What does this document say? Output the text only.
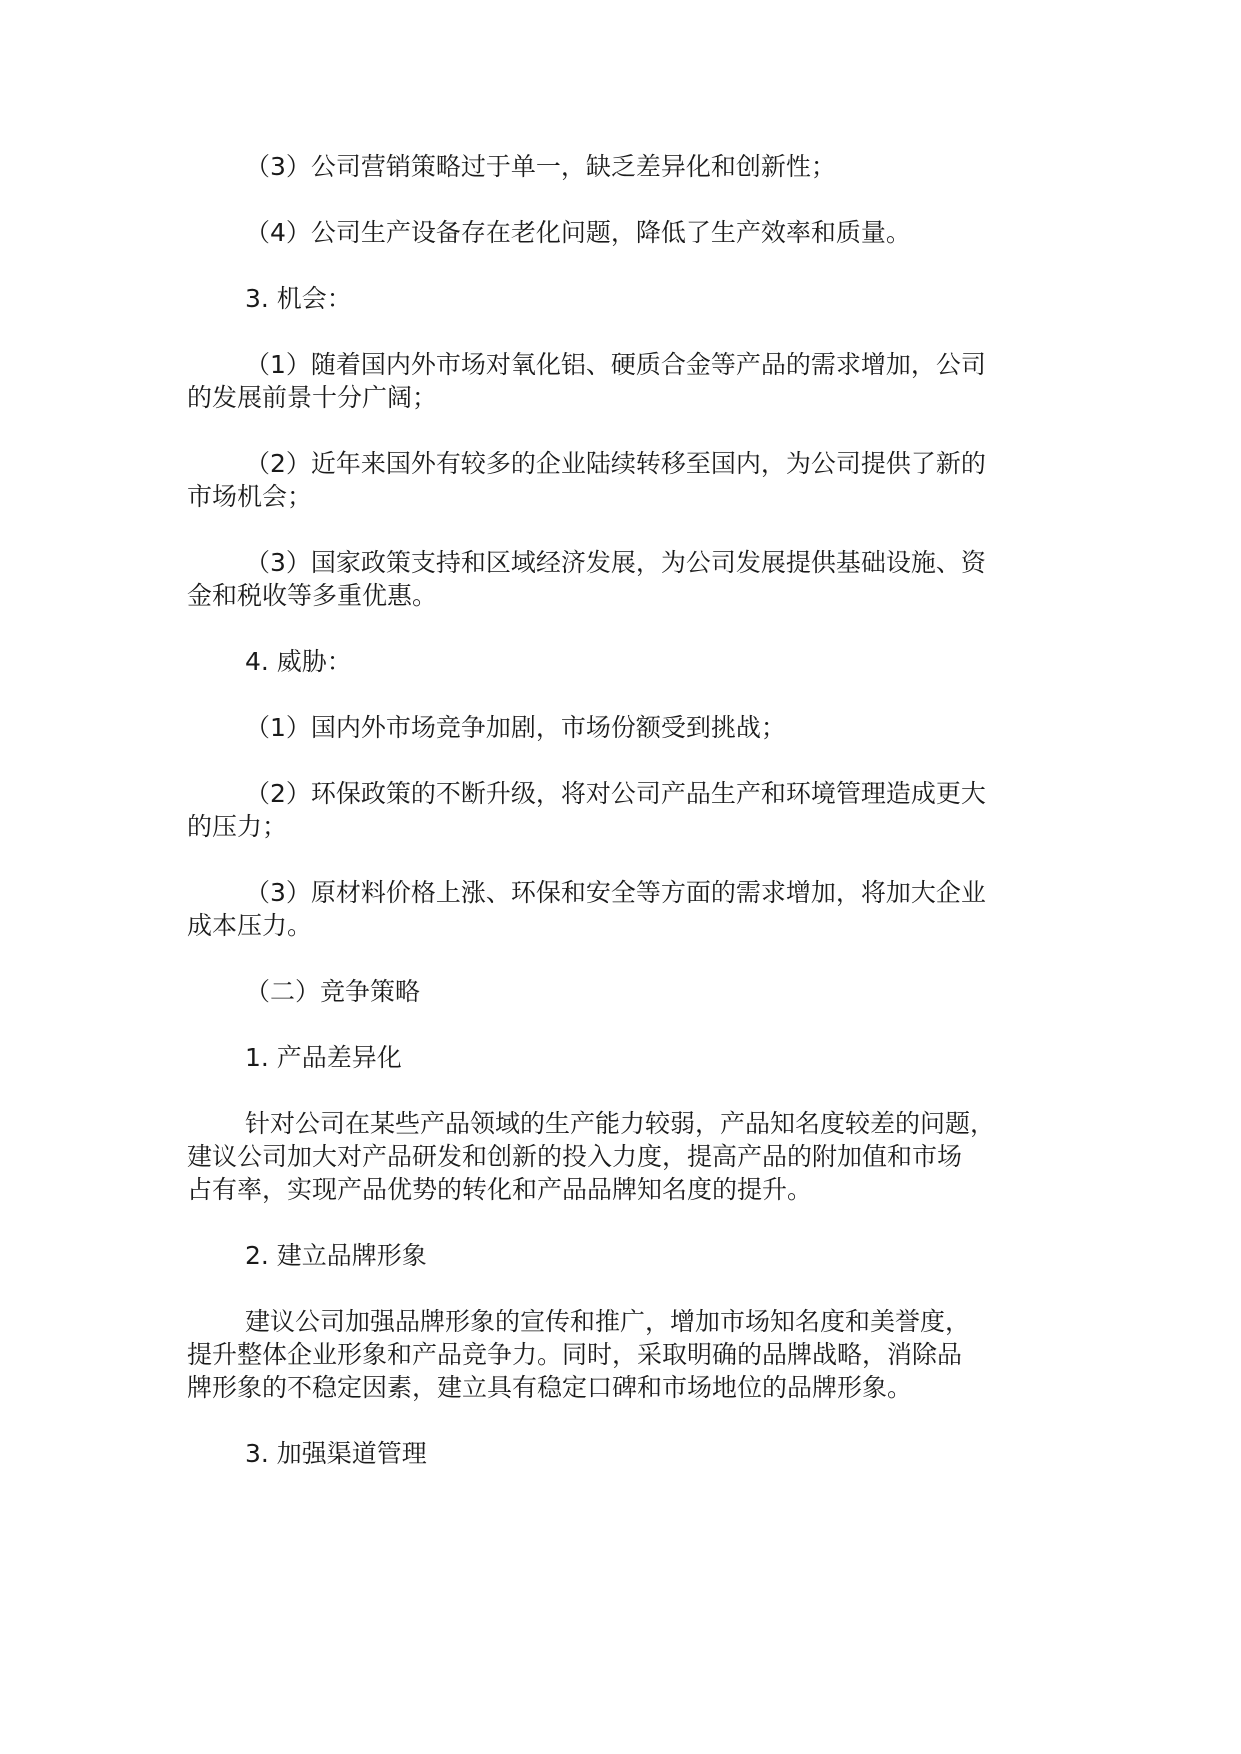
（3）公司营销策略过于单一，缺乏差异化和创新性；

（4）公司生产设备存在老化问题，降低了生产效率和质量。

3. 机会：

（1）随着国内外市场对氧化铝、硬质合金等产品的需求增加，公司
的发展前景十分广阔；

（2）近年来国外有较多的企业陆续转移至国内，为公司提供了新的
市场机会；

（3）国家政策支持和区域经济发展，为公司发展提供基础设施、资
金和税收等多重优惠。

4. 威胁：

（1）国内外市场竞争加剧，市场份额受到挑战；

（2）环保政策的不断升级，将对公司产品生产和环境管理造成更大
的压力；

（3）原材料价格上涨、环保和安全等方面的需求增加，将加大企业
成本压力。

（二）竞争策略

1. 产品差异化

针对公司在某些产品领域的生产能力较弱，产品知名度较差的问题，
建议公司加大对产品研发和创新的投入力度，提高产品的附加值和市场
占有率，实现产品优势的转化和产品品牌知名度的提升。

2. 建立品牌形象

建议公司加强品牌形象的宣传和推广，增加市场知名度和美誉度，
提升整体企业形象和产品竞争力。同时，采取明确的品牌战略，消除品
牌形象的不稳定因素，建立具有稳定口碑和市场地位的品牌形象。

3. 加强渠道管理
